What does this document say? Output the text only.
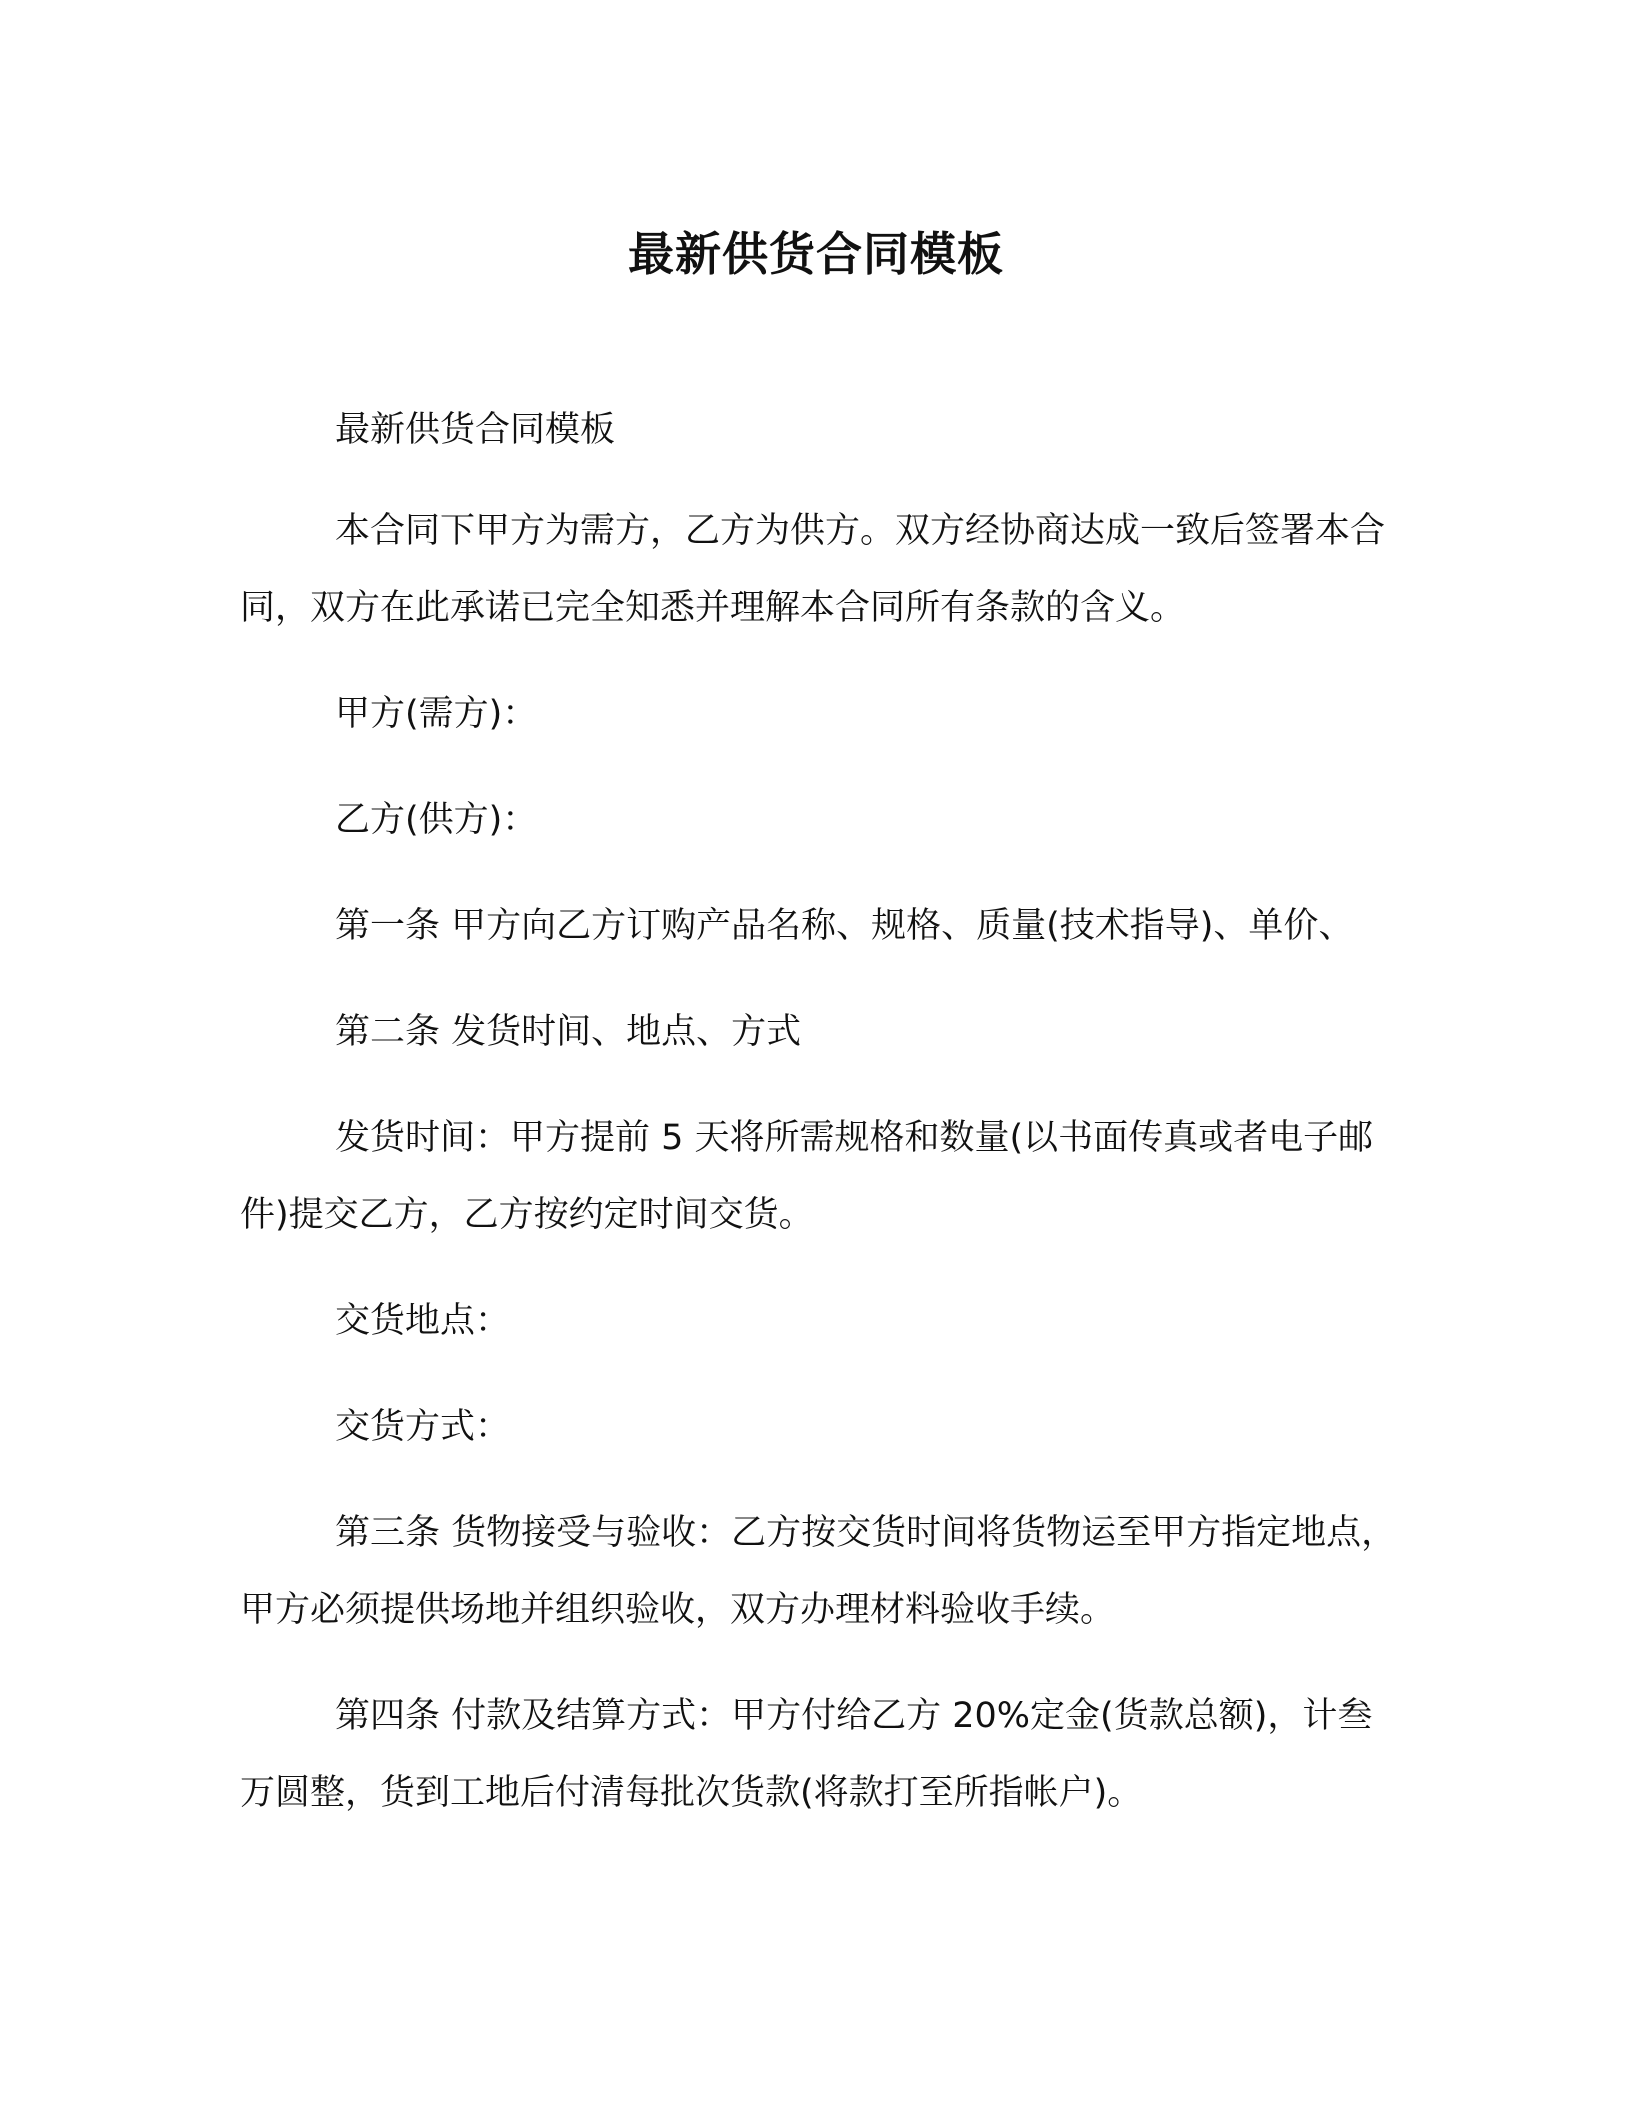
最新供货合同模板

最新供货合同模板

本合同下甲方为需方，乙方为供方。双方经协商达成一致后签署本合同，双方在此承诺已完全知悉并理解本合同所有条款的含义。

甲方(需方)：

乙方(供方)：

第一条 甲方向乙方订购产品名称、规格、质量(技术指导)、单价、

第二条 发货时间、地点、方式

发货时间：甲方提前 5 天将所需规格和数量(以书面传真或者电子邮件)提交乙方，乙方按约定时间交货。

交货地点：

交货方式：

第三条 货物接受与验收：乙方按交货时间将货物运至甲方指定地点，甲方必须提供场地并组织验收，双方办理材料验收手续。

第四条 付款及结算方式：甲方付给乙方 20%定金(货款总额)，计叁万圆整，货到工地后付清每批次货款(将款打至所指帐户)。
